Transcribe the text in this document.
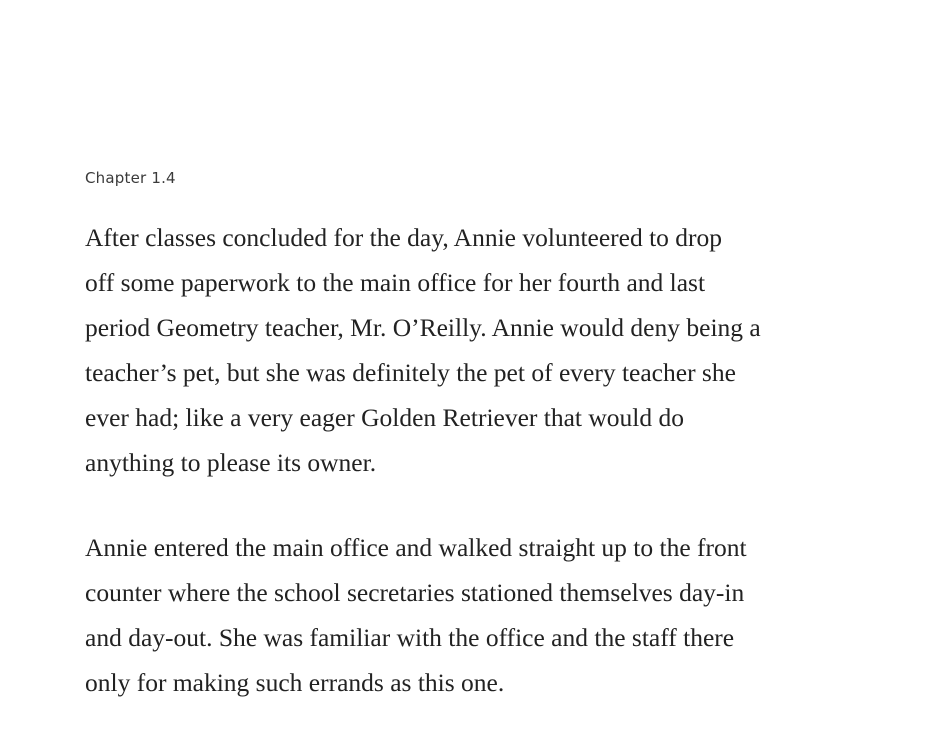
Chapter 1.4

After classes concluded for the day, Annie volunteered to drop
off some paperwork to the main office for her fourth and last
period Geometry teacher, Mr. O’Reilly. Annie would deny being a
teacher’s pet, but she was definitely the pet of every teacher she
ever had; like a very eager Golden Retriever that would do
anything to please its owner.

Annie entered the main office and walked straight up to the front
counter where the school secretaries stationed themselves day-in
and day-out. She was familiar with the office and the staff there
only for making such errands as this one.
